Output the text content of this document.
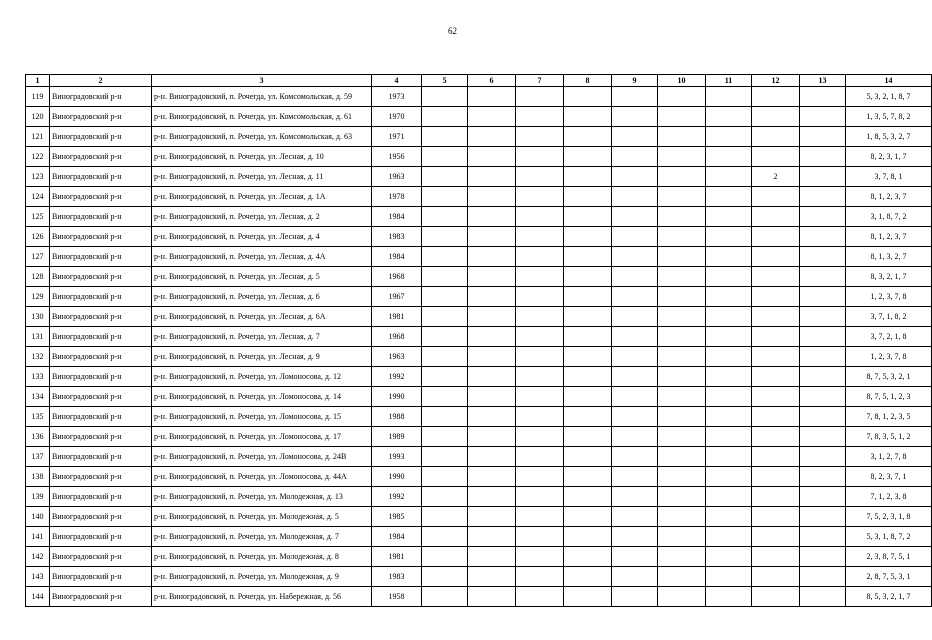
62
1	2	3	4	5	6	7	8	9	10	11	12	13	14
119	Виноградовский р-н	р-н. Виноградовский, п. Рочегда, ул. Комсомольская, д. 59	1973										5, 3, 2, 1, 8, 7
120	Виноградовский р-н	р-н. Виноградовский, п. Рочегда, ул. Комсомольская, д. 61	1970										1, 3, 5, 7, 8, 2
121	Виноградовский р-н	р-н. Виноградовский, п. Рочегда, ул. Комсомольская, д. 63	1971										1, 8, 5, 3, 2, 7
122	Виноградовский р-н	р-н. Виноградовский, п. Рочегда, ул. Лесная, д. 10	1956										8, 2, 3, 1, 7
123	Виноградовский р-н	р-н. Виноградовский, п. Рочегда, ул. Лесная, д. 11	1963								2		3, 7, 8, 1
124	Виноградовский р-н	р-н. Виноградовский, п. Рочегда, ул. Лесная, д. 1А	1978										8, 1, 2, 3, 7
125	Виноградовский р-н	р-н. Виноградовский, п. Рочегда, ул. Лесная, д. 2	1984										3, 1, 8, 7, 2
126	Виноградовский р-н	р-н. Виноградовский, п. Рочегда, ул. Лесная, д. 4	1983										8, 1, 2, 3, 7
127	Виноградовский р-н	р-н. Виноградовский, п. Рочегда, ул. Лесная, д. 4А	1984										8, 1, 3, 2, 7
128	Виноградовский р-н	р-н. Виноградовский, п. Рочегда, ул. Лесная, д. 5	1968										8, 3, 2, 1, 7
129	Виноградовский р-н	р-н. Виноградовский, п. Рочегда, ул. Лесная, д. 6	1967										1, 2, 3, 7, 8
130	Виноградовский р-н	р-н. Виноградовский, п. Рочегда, ул. Лесная, д. 6А	1981										3, 7, 1, 8, 2
131	Виноградовский р-н	р-н. Виноградовский, п. Рочегда, ул. Лесная, д. 7	1968										3, 7, 2, 1, 8
132	Виноградовский р-н	р-н. Виноградовский, п. Рочегда, ул. Лесная, д. 9	1963										1, 2, 3, 7, 8
133	Виноградовский р-н	р-н. Виноградовский, п. Рочегда, ул. Ломоносова, д. 12	1992										8, 7, 5, 3, 2, 1
134	Виноградовский р-н	р-н. Виноградовский, п. Рочегда, ул. Ломоносова, д. 14	1990										8, 7, 5, 1, 2, 3
135	Виноградовский р-н	р-н. Виноградовский, п. Рочегда, ул. Ломоносова, д. 15	1988										7, 8, 1, 2, 3, 5
136	Виноградовский р-н	р-н. Виноградовский, п. Рочегда, ул. Ломоносова, д. 17	1989										7, 8, 3, 5, 1, 2
137	Виноградовский р-н	р-н. Виноградовский, п. Рочегда, ул. Ломоносова, д. 24В	1993										3, 1, 2, 7, 8
138	Виноградовский р-н	р-н. Виноградовский, п. Рочегда, ул. Ломоносова, д. 44А	1990										8, 2, 3, 7, 1
139	Виноградовский р-н	р-н. Виноградовский, п. Рочегда, ул. Молодежная, д. 13	1992										7, 1, 2, 3, 8
140	Виноградовский р-н	р-н. Виноградовский, п. Рочегда, ул. Молодежная, д. 5	1985										7, 5, 2, 3, 1, 8
141	Виноградовский р-н	р-н. Виноградовский, п. Рочегда, ул. Молодежная, д. 7	1984										5, 3, 1, 8, 7, 2
142	Виноградовский р-н	р-н. Виноградовский, п. Рочегда, ул. Молодежная, д. 8	1981										2, 3, 8, 7, 5, 1
143	Виноградовский р-н	р-н. Виноградовский, п. Рочегда, ул. Молодежная, д. 9	1983										2, 8, 7, 5, 3, 1
144	Виноградовский р-н	р-н. Виноградовский, п. Рочегда, ул. Набережная, д. 56	1958										8, 5, 3, 2, 1, 7
